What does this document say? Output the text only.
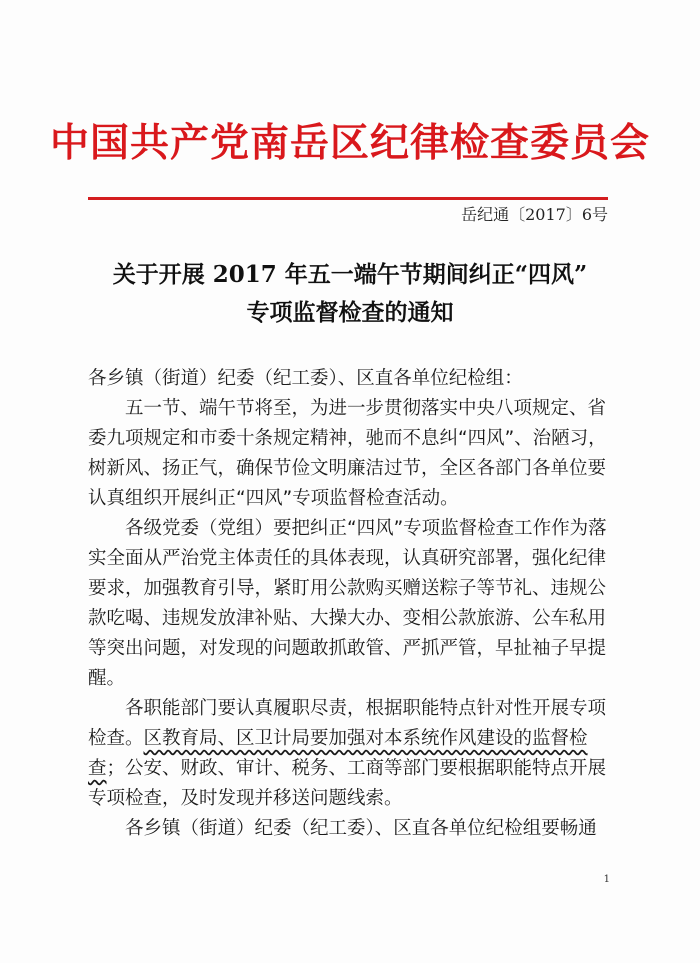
中国共产党南岳区纪律检查委员会
岳纪通〔2017〕6号
关于开展 2017 年五一端午节期间纠正“四风”
专项监督检查的通知

各乡镇（街道）纪委（纪工委）、区直各单位纪检组：

五一节、端午节将至，为进一步贯彻落实中央八项规定、省委九项规定和市委十条规定精神，驰而不息纠“四风”、治陋习，树新风、扬正气，确保节俭文明廉洁过节，全区各部门各单位要认真组织开展纠正“四风”专项监督检查活动。

各级党委（党组）要把纠正“四风”专项监督检查工作作为落实全面从严治党主体责任的具体表现，认真研究部署，强化纪律要求，加强教育引导，紧盯用公款购买赠送粽子等节礼、违规公款吃喝、违规发放津补贴、大操大办、变相公款旅游、公车私用等突出问题，对发现的问题敢抓敢管、严抓严管，早扯袖子早提醒。

各职能部门要认真履职尽责，根据职能特点针对性开展专项检查。区教育局、区卫计局要加强对本系统作风建设的监督检查；公安、财政、审计、税务、工商等部门要根据职能特点开展专项检查，及时发现并移送问题线索。

各乡镇（街道）纪委（纪工委）、区直各单位纪检组要畅通

1
